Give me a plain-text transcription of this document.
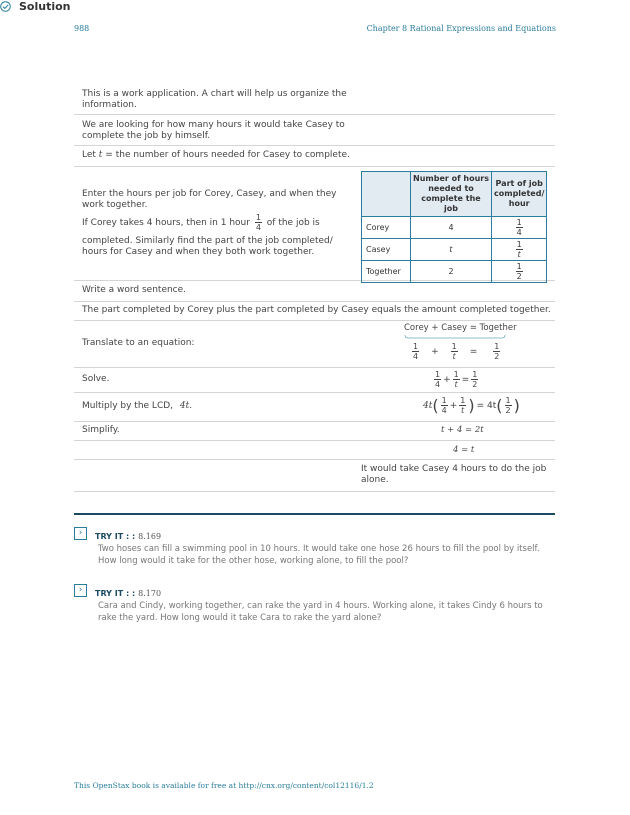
988	Chapter 8 Rational Expressions and Equations
Solution
This is a work application. A chart will help us organize the information.
We are looking for how many hours it would take Casey to complete the job by himself.
Let t = the number of hours needed for Casey to complete.
Enter the hours per job for Corey, Casey, and when they work together.
If Corey takes 4 hours, then in 1 hour $\frac{1}{4}$ of the job is
completed. Similarly find the part of the job completed/ hours for Casey and when they both work together.
	Number of hours needed to complete the job	Part of job completed/ hour
Corey	4	$\frac{1}{4}$

Casey	t	$\frac{1}{t}$

Together	2	$\frac{1}{2}$
Write a word sentence.
The part completed by Corey plus the part completed by Casey equals the amount completed together.
Translate to an equation:
Corey + Casey = Together
$\frac{1}{4} + \frac{1}{t} = \frac{1}{2}$
Solve.	$\frac{1}{4} + \frac{1}{t} = \frac{1}{2}$
Multiply by the LCD, 4t.	4t ( $\frac{1}{4} + \frac{1}{t}$ ) = 4t ( $\frac{1}{2}$ )
Simplify.	t + 4 = 2t
4 = t
It would take Casey 4 hours to do the job alone.
›	TRY IT : : 8.169
Two hoses can fill a swimming pool in 10 hours. It would take one hose 26 hours to fill the pool by itself. How long would it take for the other hose, working alone, to fill the pool?
›	TRY IT : : 8.170
Cara and Cindy, working together, can rake the yard in 4 hours. Working alone, it takes Cindy 6 hours to rake the yard. How long would it take Cara to rake the yard alone?
This OpenStax book is available for free at http://cnx.org/content/col12116/1.2
